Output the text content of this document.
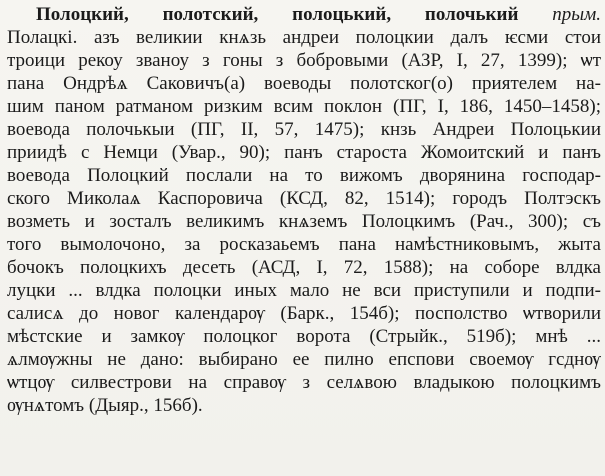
Полоцкий, полотский, полоцький, полочький прым.
Полацкі. азъ великии кнѧзь андреи полоцкии далъ ѥсми стои
троици рекоу званоу з гоны з бобровыми (АЗР, І, 27, 1399); ѡт
пана Ондрѣѧ Саковичъ(а) воеводы полотског(о) приятелем на-
шим паном ратманом ризким всим поклон (ПГ, І, 186, 1450–1458);
воевода полочькыи (ПГ, ІІ, 57, 1475); кнзь Андреи Полоцькии
приидѣ с Немци (Увар., 90); панъ староста Жомоитский и панъ
воевода Полоцкий послали на то вижомъ дворянина господар-
ского Миколаѧ Каспоровича (КСД, 82, 1514); городъ Полтэскъ
возметь и зосталъ великимъ кнѧземъ Полоцкимъ (Рач., 300); съ
того вымолочоно, за росказаьемъ пана намѣстниковымъ, жыта
бочокъ полоцкихъ десеть (АСД, І, 72, 1588); на соборе влдка
луцки ... влдка полоцки иных мало не вси приступили и подпи-
салисѧ до новог календарѹ (Барк., 154б); посполство ѡтворили
мѣстские и замкѹ полоцког ворота (Стрыйк., 519б); мнѣ ...
ѧлмѹжны не дано: выбирано ее пилно епспови своемѹ гсднѹ
ѡтцѹ силвестрови на справѹ з селѧвою владыкою полоцкимъ
ѹнѧтомъ (Дыяр., 156б).
